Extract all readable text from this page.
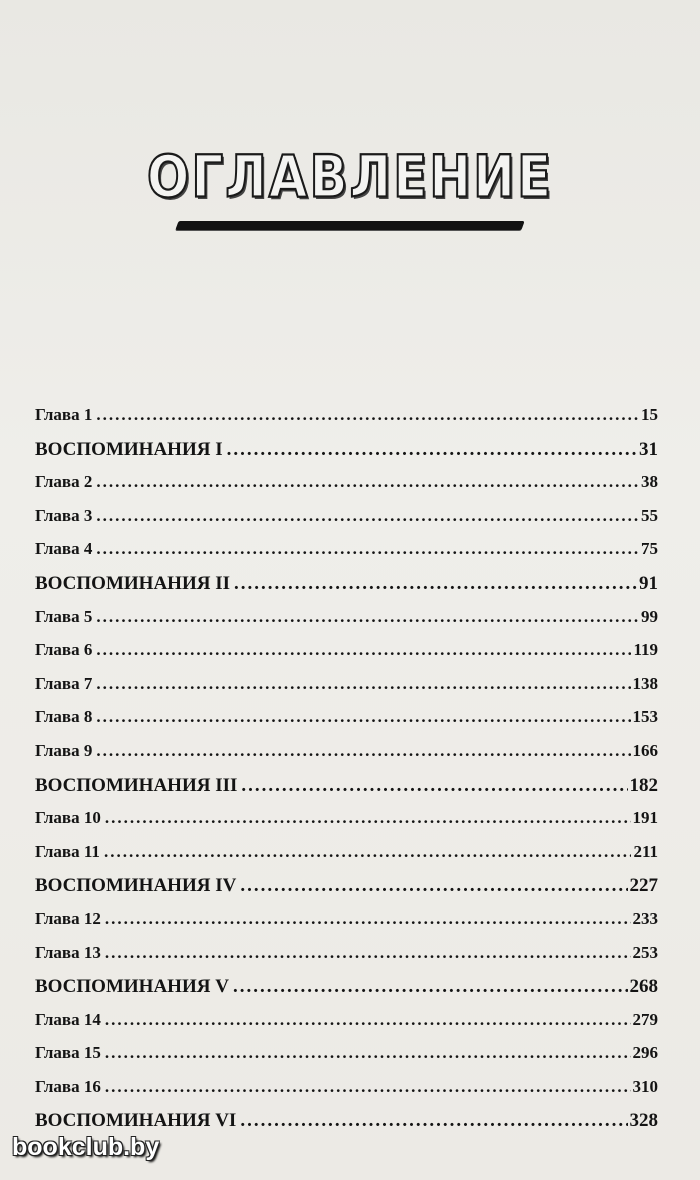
ОГЛАВЛЕНИЕ
Глава 1 .....	15
ВОСПОМИНАНИЯ I .....	31
Глава 2 .....	38
Глава 3 .....	55
Глава 4 .....	75
ВОСПОМИНАНИЯ II .....	91
Глава 5 .....	99
Глава 6 .....	119
Глава 7 .....	138
Глава 8 .....	153
Глава 9 .....	166
ВОСПОМИНАНИЯ III .....	182
Глава 10 .....	191
Глава 11 .....	211
ВОСПОМИНАНИЯ IV .....	227
Глава 12 .....	233
Глава 13 .....	253
ВОСПОМИНАНИЯ V .....	268
Глава 14 .....	279
Глава 15 .....	296
Глава 16 .....	310
ВОСПОМИНАНИЯ VI .....	328
bookclub.by
